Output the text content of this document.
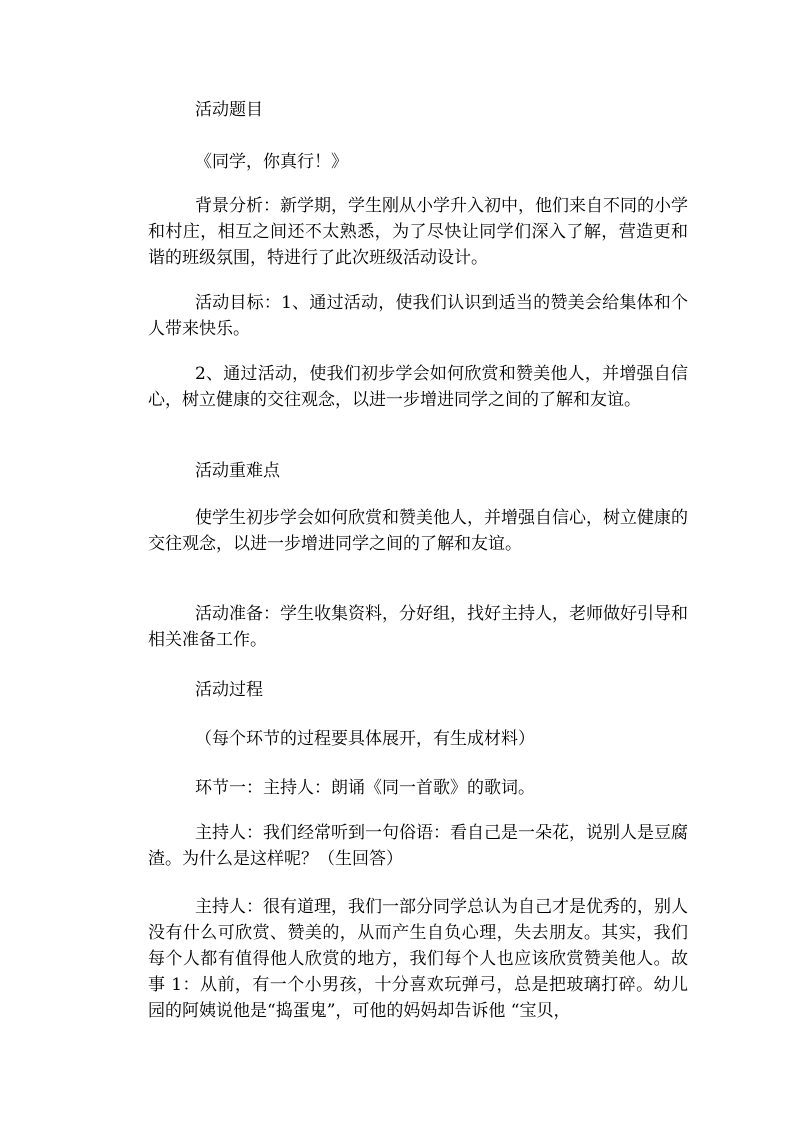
活动题目

《同学，你真行！》

背景分析：新学期，学生刚从小学升入初中，他们来自不同的小学和村庄，相互之间还不太熟悉，为了尽快让同学们深入了解，营造更和谐的班级氛围，特进行了此次班级活动设计。

活动目标：1、通过活动，使我们认识到适当的赞美会给集体和个人带来快乐。

2、通过活动，使我们初步学会如何欣赏和赞美他人，并增强自信心，树立健康的交往观念，以进一步增进同学之间的了解和友谊。

活动重难点

使学生初步学会如何欣赏和赞美他人，并增强自信心，树立健康的交往观念，以进一步增进同学之间的了解和友谊。

活动准备：学生收集资料，分好组，找好主持人，老师做好引导和相关准备工作。

活动过程

（每个环节的过程要具体展开，有生成材料）

环节一：主持人：朗诵《同一首歌》的歌词。

主持人：我们经常听到一句俗语：看自己是一朵花，说别人是豆腐渣。为什么是这样呢？（生回答）

主持人：很有道理，我们一部分同学总认为自己才是优秀的，别人没有什么可欣赏、赞美的，从而产生自负心理，失去朋友。其实，我们每个人都有值得他人欣赏的地方，我们每个人也应该欣赏赞美他人。故事 1：从前，有一个小男孩，十分喜欢玩弹弓，总是把玻璃打碎。幼儿园的阿姨说他是“捣蛋鬼”，可他的妈妈却告诉他 “宝贝，
